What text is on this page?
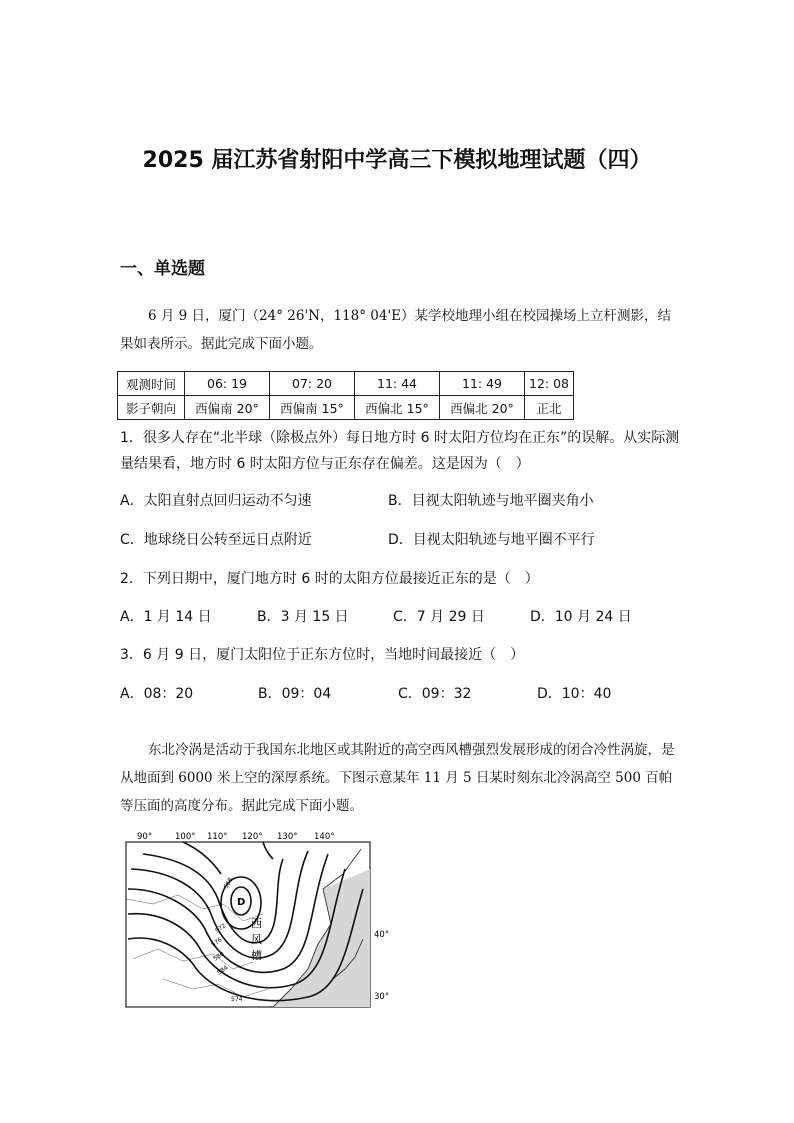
2025 届江苏省射阳中学高三下模拟地理试题（四）
一、单选题
6 月 9 日，厦门（24° 26'N，118° 04'E）某学校地理小组在校园操场上立杆测影，结果如表所示。据此完成下面小题。
观测时间	06: 19	07: 20	11: 44	11: 49	12: 08
影子朝向	西偏南 20°	西偏南 15°	西偏北 15°	西偏北 20°	正北
1．很多人存在“北半球（除极点外）每日地方时 6 时太阳方位均在正东”的误解。从实际测量结果看，地方时 6 时太阳方位与正东存在偏差。这是因为（　）
A．太阳直射点回归运动不匀速	B．目视太阳轨迹与地平圈夹角小
C．地球绕日公转至远日点附近	D．目视太阳轨迹与地平圈不平行
2．下列日期中，厦门地方时 6 时的太阳方位最接近正东的是（　）
A．1 月 14 日	B．3 月 15 日	C．7 月 29 日	D．10 月 24 日
3．6 月 9 日，厦门太阳位于正东方位时，当地时间最接近（　）
A．08：20	B．09：04	C．09：32	D．10：40
东北冷涡是活动于我国东北地区或其附近的高空西风槽强烈发展形成的闭合冷性涡旋，是从地面到 6000 米上空的深厚系统。下图示意某年 11 月 5 日某时刻东北冷涡高空 500 百帕等压面的高度分布。据此完成下面小题。
90°	100° 110° 120° 130° 140°
40°
30°
D
西
风
槽
568
572
576
580
584
574
